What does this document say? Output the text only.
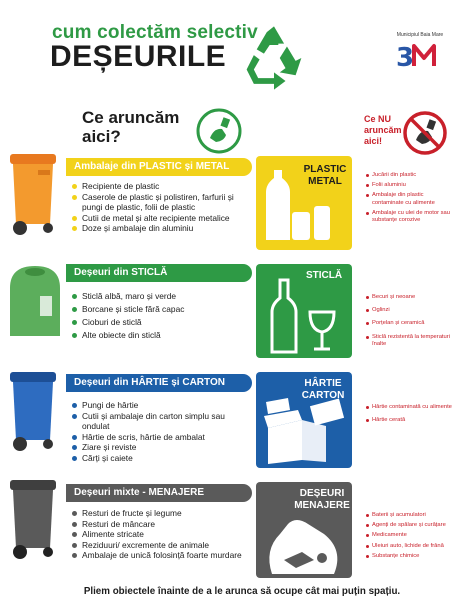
cum colectăm selectiv
DEȘEURILE
Municipiul Baia Mare
3
Ce aruncăm aici?
Ce NU aruncăm aici!
Ambalaje din PLASTIC și METAL
Recipiente de plastic
Caserole de plastic și polistiren, farfurii și pungi de plastic, folii de plastic
Cutii de metal și alte recipiente metalice
Doze și ambalaje din aluminiu
PLASTIC METAL
Jucării din plastic
Folii aluminiu
Ambalaje din plastic contaminate cu alimente
Ambalaje cu ulei de motor sau substanțe corozive
Deșeuri din STICLĂ
Sticlă albă, maro și verde
Borcane și sticle fără capac
Cioburi de sticlă
Alte obiecte din sticlă
STICLĂ
Becuri și neoane
Oglinzi
Porțelan și ceramică
Sticlă rezistentă la temperaturi înalte
Deșeuri din HÂRTIE și CARTON
Pungi de hârtie
Cutii și ambalaje din carton simplu sau ondulat
Hârtie de scris, hârtie de ambalat
Ziare și reviste
Cărți și caiete
HÂRTIE CARTON
Hârtie contaminată cu alimente
Hârtie cerată
Deșeuri mixte - MENAJERE
Resturi de fructe și legume
Resturi de mâncare
Alimente stricate
Reziduuri/ excremente de animale
Ambalaje de unică folosință foarte murdare
DEȘEURI MENAJERE
Baterii și acumulatori
Agenți de spălare și curățare
Medicamente
Uleiuri auto, lichide de frână
Substanțe chimice
Pliem obiectele înainte de a le arunca să ocupe cât mai puțin spațiu.
